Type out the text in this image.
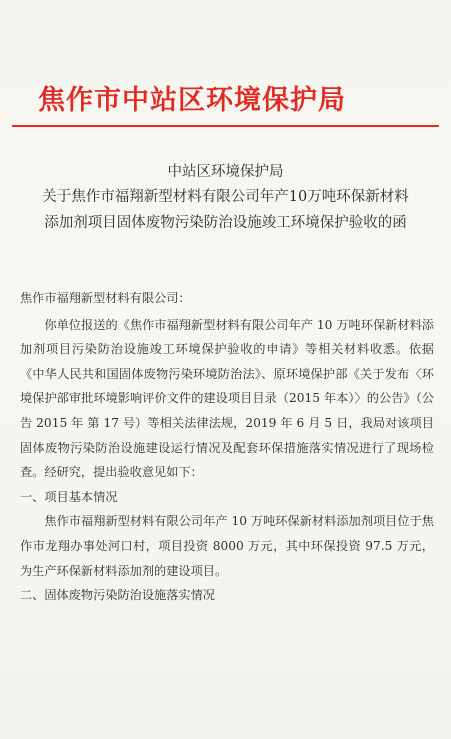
焦作市中站区环境保护局
中站区环境保护局
关于焦作市福翔新型材料有限公司年产10万吨环保新材料
添加剂项目固体废物污染防治设施竣工环境保护验收的函

焦作市福翔新型材料有限公司：

你单位报送的《焦作市福翔新型材料有限公司年产 10 万吨环保新材料添加剂项目污染防治设施竣工环境保护验收的申请》等相关材料收悉。依据《中华人民共和国固体废物污染环境防治法》、原环境保护部《关于发布〈环境保护部审批环境影响评价文件的建设项目目录（2015 年本）〉的公告》（公告 2015 年 第 17 号）等相关法律法规，2019 年 6 月 5 日，我局对该项目固体废物污染防治设施建设运行情况及配套环保措施落实情况进行了现场检查。经研究，提出验收意见如下：

一、项目基本情况

焦作市福翔新型材料有限公司年产 10 万吨环保新材料添加剂项目位于焦作市龙翔办事处河口村，项目投资 8000 万元，其中环保投资 97.5 万元，为生产环保新材料添加剂的建设项目。

二、固体废物污染防治设施落实情况
